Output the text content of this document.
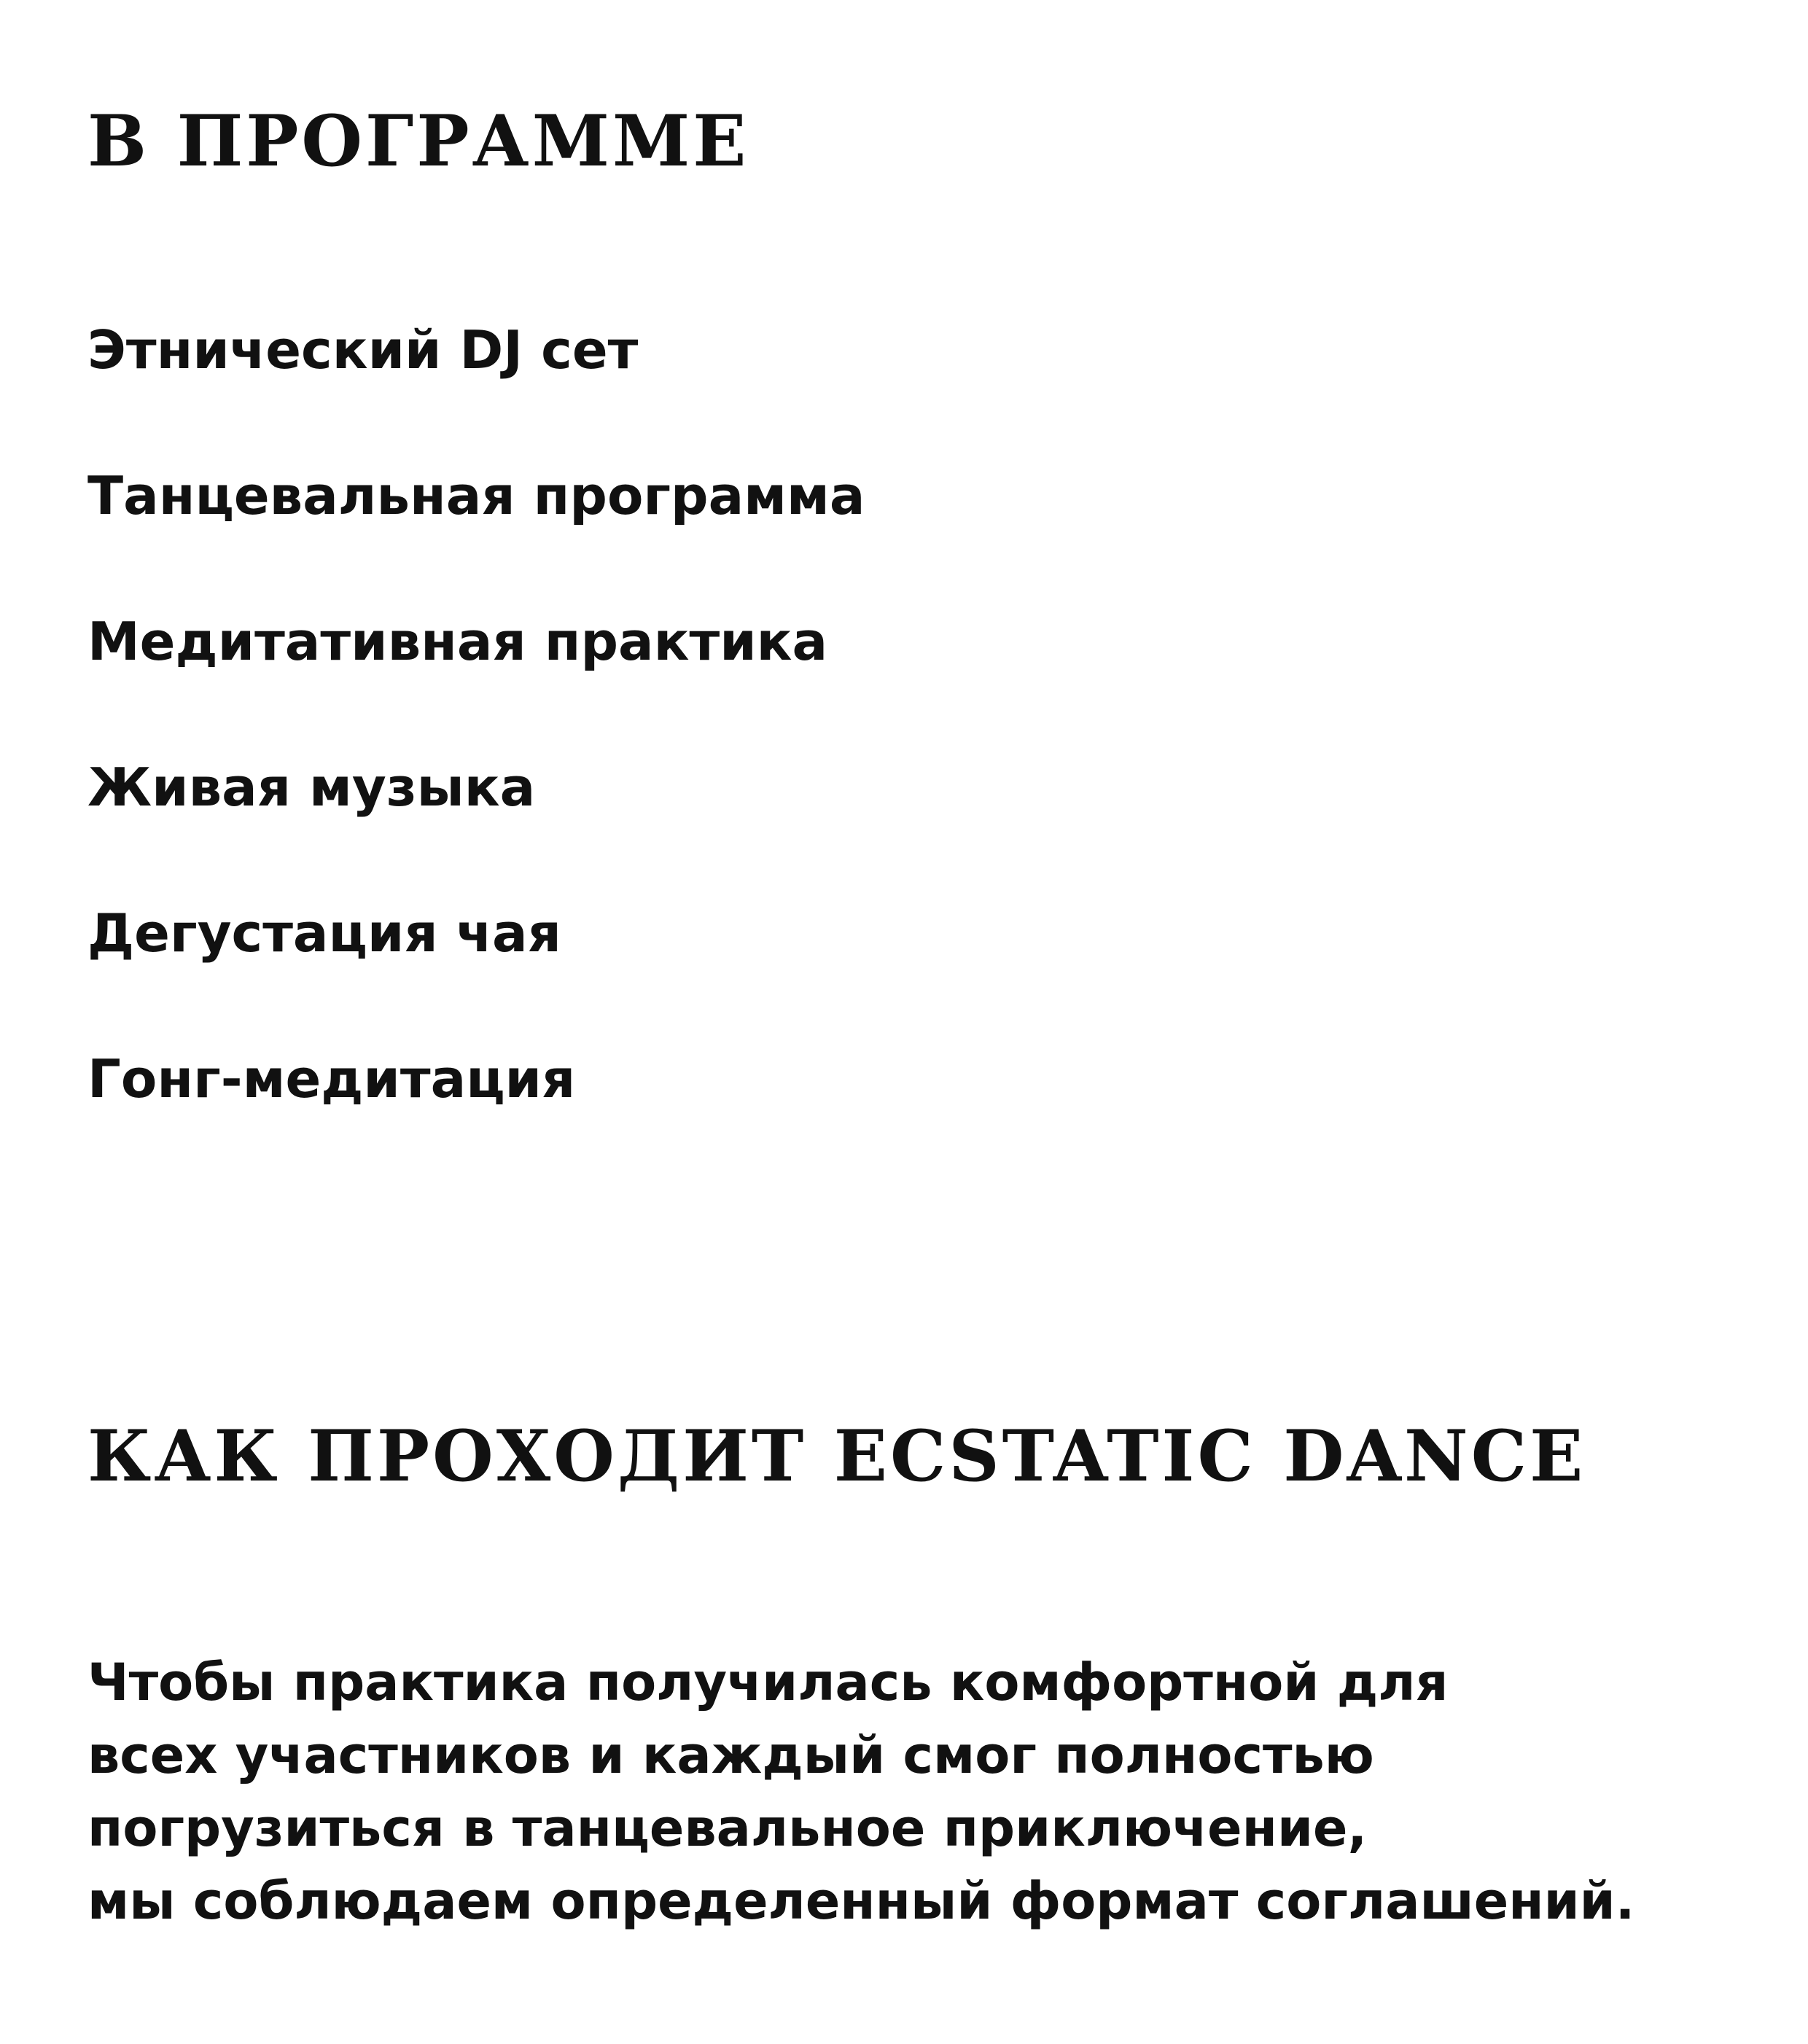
В ПРОГРАММЕ
Этнический DJ сет
Танцевальная программа
Медитативная практика
Живая музыка
Дегустация чая
Гонг-медитация
КАК ПРОХОДИТ ECSTATIC DANCE

Чтобы практика получилась комфортной для
всех участников и каждый смог полностью
погрузиться в танцевальное приключение,
мы соблюдаем определенный формат соглашений.
